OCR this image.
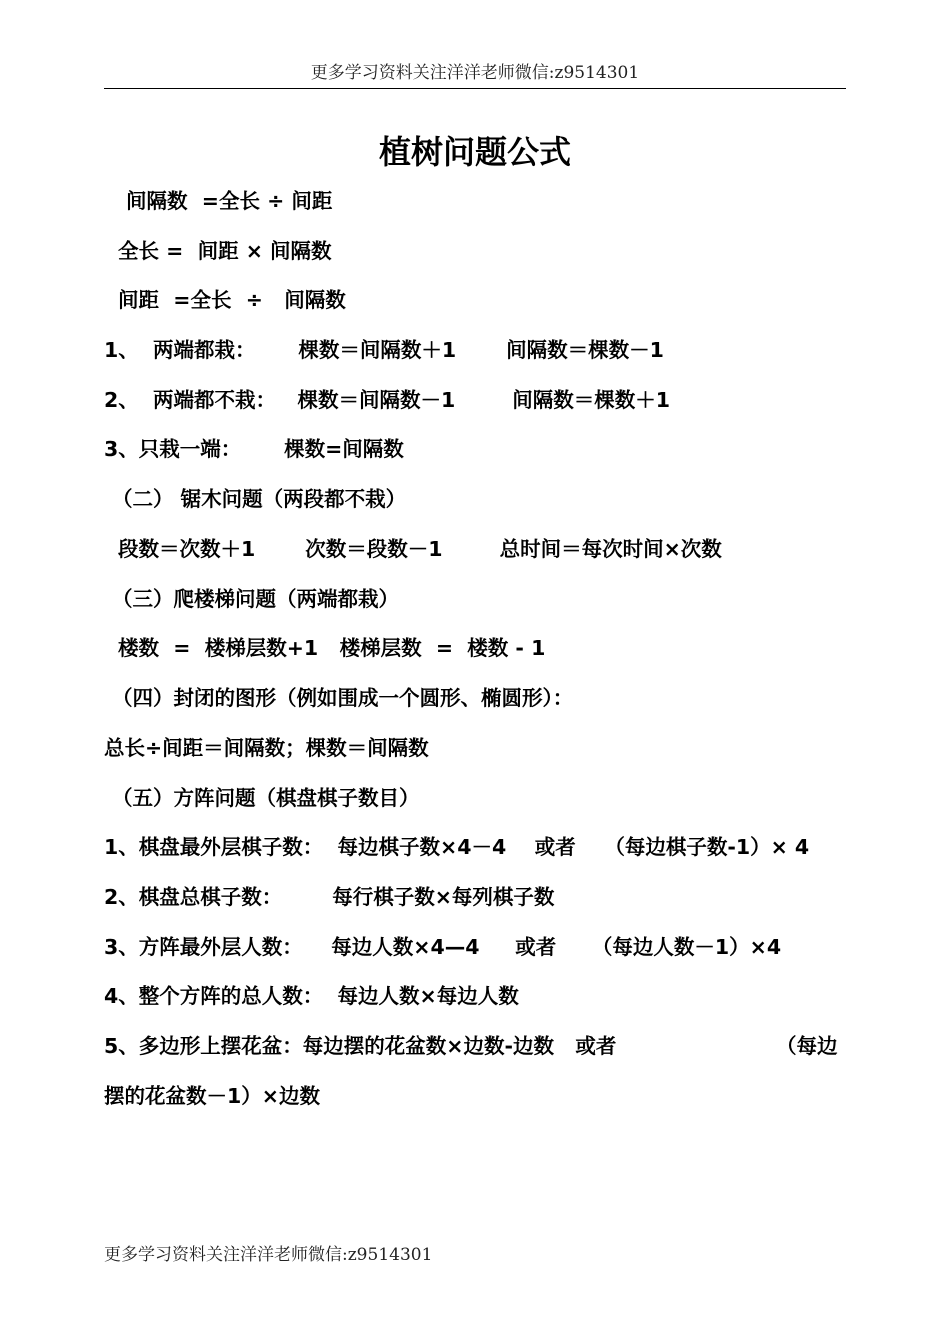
更多学习资料关注洋洋老师微信:z9514301
植树问题公式
间隔数  =全长 ÷ 间距
全长 =  间距 × 间隔数
间距  =全长  ÷   间隔数
1、  两端都栽：      棵数＝间隔数＋1       间隔数＝棵数－1
2、  两端都不栽：   棵数＝间隔数－1        间隔数＝棵数＋1
3、只栽一端：      棵数=间隔数
（二） 锯木问题（两段都不栽）
段数＝次数＋1       次数＝段数－1        总时间＝每次时间×次数
（三）爬楼梯问题（两端都栽）
楼数  =  楼梯层数+1   楼梯层数  =  楼数 - 1
（四）封闭的图形（例如围成一个圆形、椭圆形）：
总长÷间距＝间隔数；棵数＝间隔数
（五）方阵问题（棋盘棋子数目）
1、棋盘最外层棋子数：  每边棋子数×4－4    或者    （每边棋子数-1）× 4
2、棋盘总棋子数：       每行棋子数×每列棋子数
3、方阵最外层人数：    每边人数×4—4     或者     （每边人数－1）×4
4、整个方阵的总人数：  每边人数×每边人数
5、多边形上摆花盆：每边摆的花盆数×边数-边数   或者	（每边
摆的花盆数－1）×边数
更多学习资料关注洋洋老师微信:z9514301
